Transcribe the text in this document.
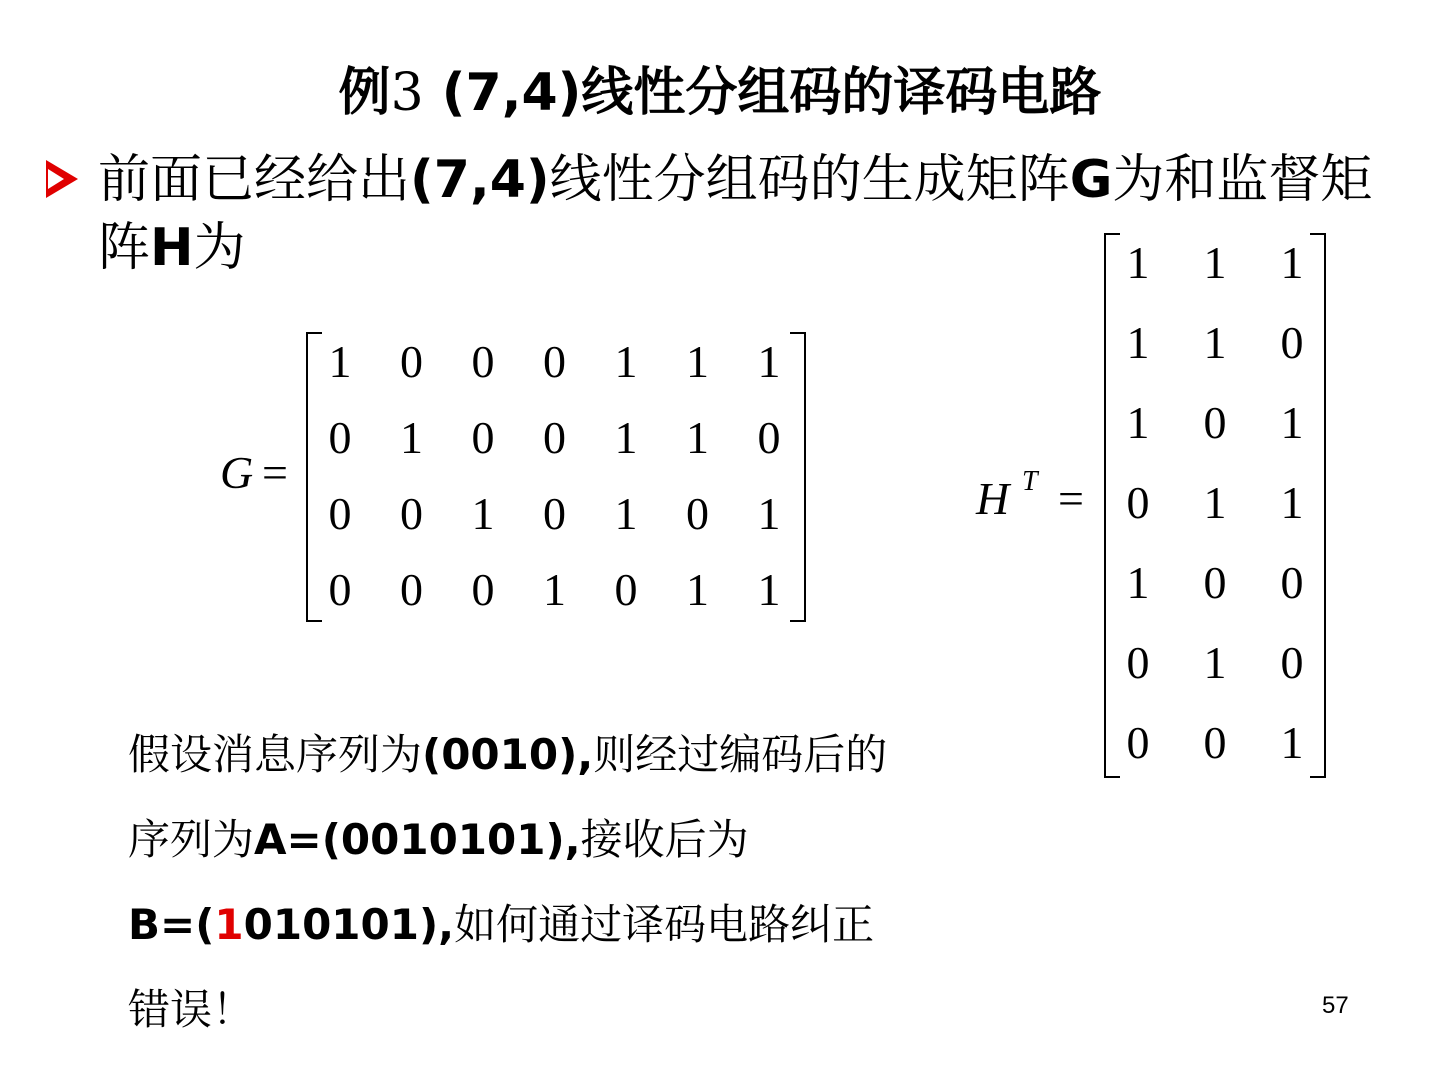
例3 (7,4)线性分组码的译码电路
前面已经给出(7,4)线性分组码的生成矩阵G为和监督矩阵H为
G =
1	0	0	0	1	1	1
0	1	0	0	1	1	0
0	0	1	0	1	0	1
0	0	0	1	0	1	1
H T =
1	1	1
1	1	0
1	0	1
0	1	1
1	0	0
0	1	0
0	0	1
假设消息序列为(0010),则经过编码后的
序列为A=(0010101),接收后为
B=(1010101),如何通过译码电路纠正
错误！	57
